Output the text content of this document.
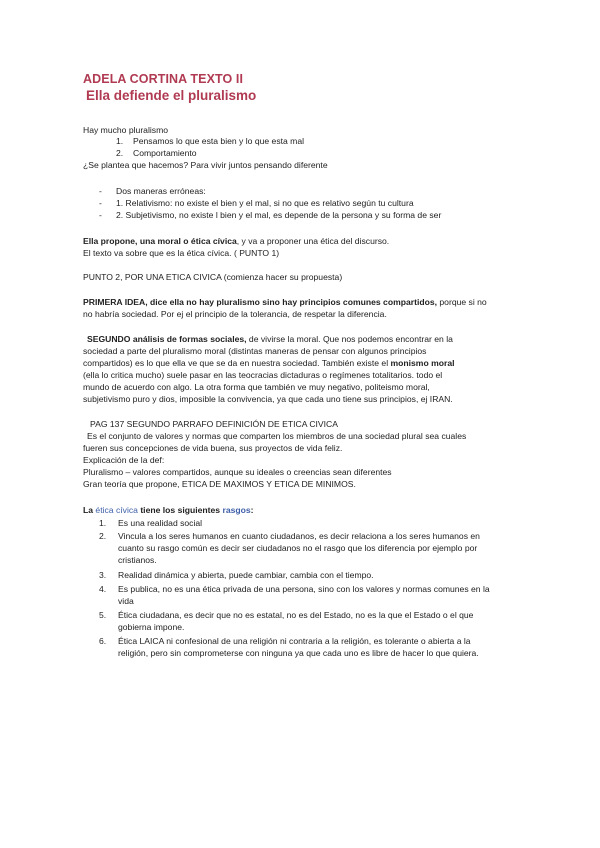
ADELA CORTINA TEXTO II
Ella defiende el pluralismo
Hay mucho pluralismo
1. Pensamos lo que esta bien y lo que esta mal
2. Comportamiento
¿Se plantea que hacemos? Para vivir juntos pensando diferente
- Dos maneras erróneas:
- 1. Relativismo: no existe el bien y el mal, si no que es relativo según tu cultura
- 2. Subjetivismo, no existe l bien y el mal, es depende de la persona y su forma de ser
Ella propone, una moral o ética cívica, y va a proponer una ética del discurso.
El texto va sobre que es la ética cívica. ( PUNTO 1)
PUNTO 2, POR UNA ETICA CIVICA (comienza hacer su propuesta)
PRIMERA IDEA, dice ella no hay pluralismo sino hay principios comunes compartidos, porque si no
no habría sociedad. Por ej el principio de la tolerancia, de respetar la diferencia.
SEGUNDO análisis de formas sociales, de vivirse la moral. Que nos podemos encontrar en la
sociedad a parte del pluralismo moral (distintas maneras de pensar con algunos principios
compartidos) es lo que ella ve que se da en nuestra sociedad. También existe el monismo moral
(ella lo critica mucho) suele pasar en las teocracias dictaduras o regímenes totalitarios. todo el
mundo de acuerdo con algo. La otra forma que también ve muy negativo, politeismo moral,
subjetivismo puro y dios, imposible la convivencia, ya que cada uno tiene sus principios, ej IRAN.
PAG 137 SEGUNDO PARRAFO DEFINICIÓN DE ETICA CIVICA
Es el conjunto de valores y normas que comparten los miembros de una sociedad plural sea cuales
fueren sus concepciones de vida buena, sus proyectos de vida feliz.
Explicación de la def:
Pluralismo – valores compartidos, aunque su ideales o creencias sean diferentes
Gran teoría que propone, ETICA DE MAXIMOS Y ETICA DE MINIMOS.
La ética cívica tiene los siguientes rasgos:
1. Es una realidad social
2. Vincula a los seres humanos en cuanto ciudadanos, es decir relaciona a los seres humanos en
cuanto su rasgo común es decir ser ciudadanos no el rasgo que los diferencia por ejemplo por
cristianos.
3. Realidad dinámica y abierta, puede cambiar, cambia con el tiempo.
4. Es publica, no es una ética privada de una persona, sino con los valores y normas comunes en la
vida
5. Ética ciudadana, es decir que no es estatal, no es del Estado, no es la que el Estado o el que
gobierna impone.
6. Ética LAICA ni confesional de una religión ni contraria a la religión, es tolerante o abierta a la
religión, pero sin comprometerse con ninguna ya que cada uno es libre de hacer lo que quiera.
